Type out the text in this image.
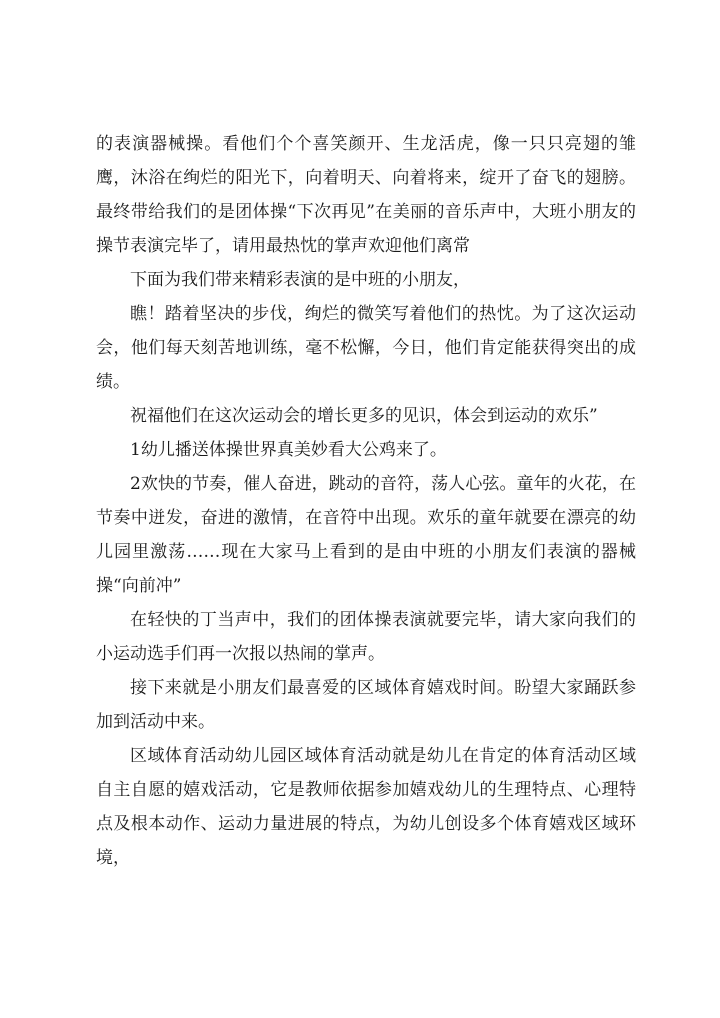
的表演器械操。看他们个个喜笑颜开、生龙活虎，像一只只亮翅的雏鹰，沐浴在绚烂的阳光下，向着明天、向着将来，绽开了奋飞的翅膀。最终带给我们的是团体操“下次再见”在美丽的音乐声中，大班小朋友的操节表演完毕了，请用最热忱的掌声欢迎他们离常

下面为我们带来精彩表演的是中班的小朋友，

瞧！踏着坚决的步伐，绚烂的微笑写着他们的热忱。为了这次运动会，他们每天刻苦地训练，毫不松懈，今日，他们肯定能获得突出的成绩。

祝福他们在这次运动会的增长更多的见识，体会到运动的欢乐”

1幼儿播送体操世界真美妙看大公鸡来了。

2欢快的节奏，催人奋进，跳动的音符，荡人心弦。童年的火花，在节奏中迸发，奋进的激情，在音符中出现。欢乐的童年就要在漂亮的幼儿园里激荡……现在大家马上看到的是由中班的小朋友们表演的器械操“向前冲”

在轻快的丁当声中，我们的团体操表演就要完毕，请大家向我们的小运动选手们再一次报以热闹的掌声。

接下来就是小朋友们最喜爱的区域体育嬉戏时间。盼望大家踊跃参加到活动中来。

区域体育活动幼儿园区域体育活动就是幼儿在肯定的体育活动区域自主自愿的嬉戏活动，它是教师依据参加嬉戏幼儿的生理特点、心理特点及根本动作、运动力量进展的特点，为幼儿创设多个体育嬉戏区域环境，
